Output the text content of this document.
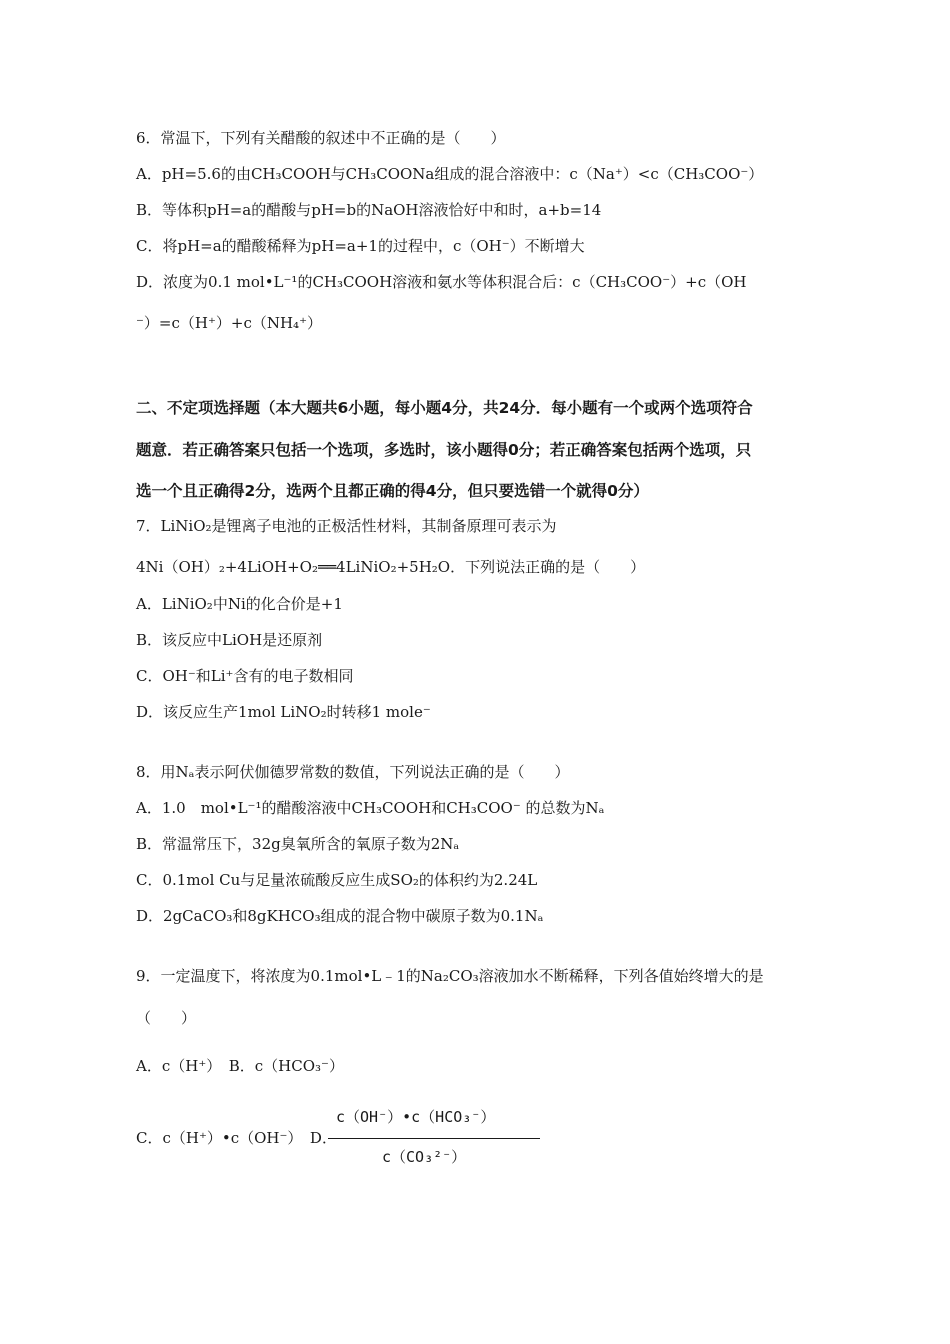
6．常温下，下列有关醋酸的叙述中不正确的是（　　）
A．pH=5.6的由CH₃COOH与CH₃COONa组成的混合溶液中：c（Na⁺）<c（CH₃COO⁻）
B．等体积pH=a的醋酸与pH=b的NaOH溶液恰好中和时，a+b=14
C．将pH=a的醋酸稀释为pH=a+1的过程中，c（OH⁻）不断增大
D．浓度为0.1 mol•L⁻¹的CH₃COOH溶液和氨水等体积混合后：c（CH₃COO⁻）+c（OH
⁻）=c（H⁺）+c（NH₄⁺）
二、不定项选择题（本大题共6小题，每小题4分，共24分．每小题有一个或两个选项符合
题意．若正确答案只包括一个选项，多选时，该小题得0分；若正确答案包括两个选项，只
选一个且正确得2分，选两个且都正确的得4分，但只要选错一个就得0分）
7．LiNiO₂是锂离子电池的正极活性材料，其制备原理可表示为
4Ni（OH）₂+4LiOH+O₂══4LiNiO₂+5H₂O．下列说法正确的是（　　）
A．LiNiO₂中Ni的化合价是+1
B．该反应中LiOH是还原剂
C．OH⁻和Li⁺含有的电子数相同
D．该反应生产1mol LiNO₂时转移1 mole⁻
8．用Nₐ表示阿伏伽德罗常数的数值，下列说法正确的是（　　）
A．1.0　mol•L⁻¹的醋酸溶液中CH₃COOH和CH₃COO⁻ 的总数为Nₐ
B．常温常压下，32g臭氧所含的氧原子数为2Nₐ
C．0.1mol Cu与足量浓硫酸反应生成SO₂的体积约为2.24L
D．2gCaCO₃和8gKHCO₃组成的混合物中碳原子数为0.1Nₐ
9．一定温度下，将浓度为0.1mol•L﹣1的Na₂CO₃溶液加水不断稀释，下列各值始终增大的是
（　　）
A．c（H⁺）　B．c（HCO₃⁻）
C．c（H⁺）•c（OH⁻）　D．
c（OH⁻）•c（HCO₃⁻）
c（CO₃²⁻）
